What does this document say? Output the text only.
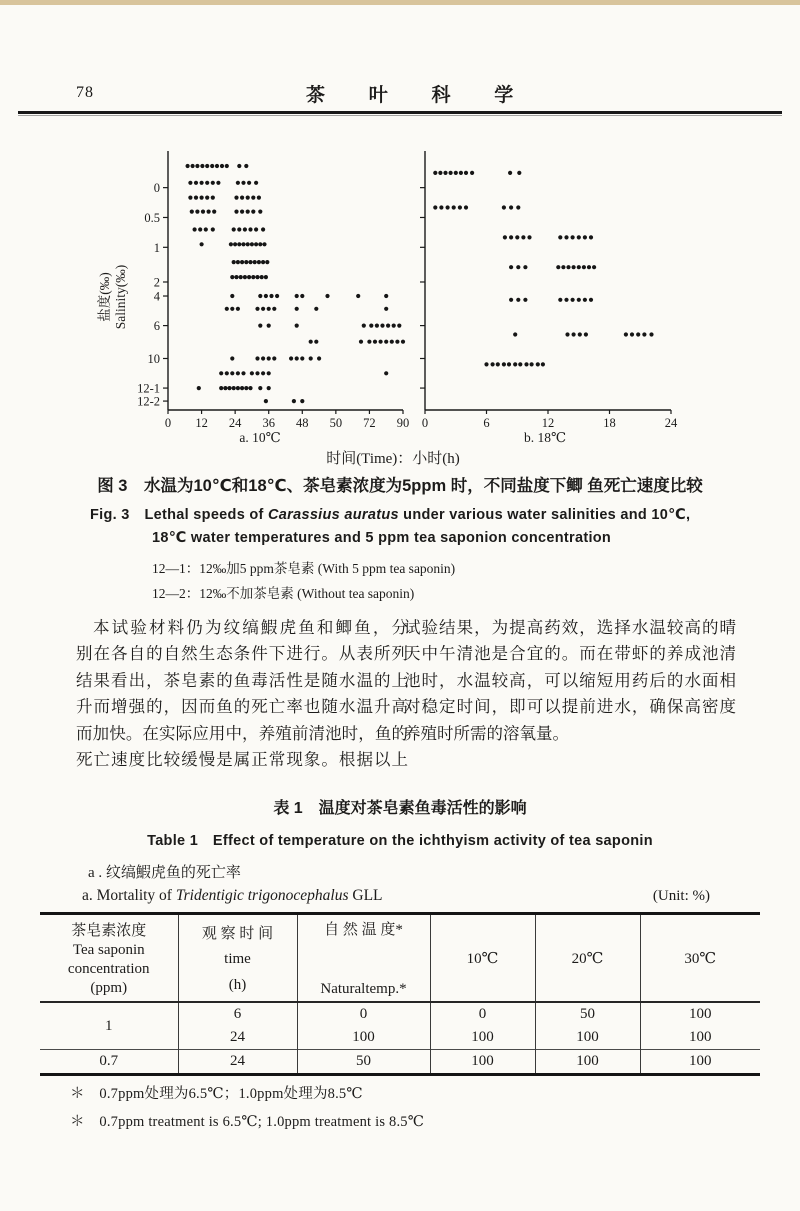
78	茶 叶 科 学
0 12 24 36 48 50 72 90
0
0.5
1
2
4
6
10
12-1
12-2
a. 10℃
0	6	12	18	24
b. 18℃
盐度(‰) Salinity(‰)
时间(Time)：小时(h)
图 3　水温为10℃和18℃、茶皂素浓度为5ppm 时，不同盐度下鲫 鱼死亡速度比较
Fig. 3　Lethal speeds of Carassius auratus under various water salinities and 10℃,
18℃ water temperatures and 5 ppm tea saponion concentration
12—1：12‰加5 ppm茶皂素 (With 5 ppm tea saponin)
12—2：12‰不加茶皂素 (Without tea saponin)
本试验材料仍为纹缟鰕虎鱼和鲫鱼，分
别在各自的自然生态条件下进行。从表所列
结果看出，茶皂素的鱼毒活性是随水温的上
升而增强的，因而鱼的死亡率也随水温升高
而加快。在实际应用中，养殖前清池时，鱼的
死亡速度比较缓慢是属正常现象。根据以上
试验结果，为提高药效，选择水温较高的晴
天中午清池是合宜的。而在带虾的养成池清
池时，水温较高，可以缩短用药后的水面相
对稳定时间，即可以提前进水，确保高密度
养殖时所需的溶氧量。
表 1　温度对茶皂素鱼毒活性的影响
Table 1　Effect of temperature on the ichthyism activity of tea saponin
a . 纹缟鰕虎鱼的死亡率
a. Mortality of Tridentigic trigonocephalus GLL	(Unit: %)
茶皂素浓度
Tea saponin
concentration
(ppm)

观 察 时 间
time
(h)

自 然 温 度*
Naturaltemp.*

10℃	20℃	30℃

1	6	0	0	50	100
	24	100	100	100	100
0.7	24	50	100	100	100
＊　0.7ppm处理为6.5℃；1.0ppm处理为8.5℃
＊　0.7ppm treatment is 6.5℃; 1.0ppm treatment is 8.5℃
